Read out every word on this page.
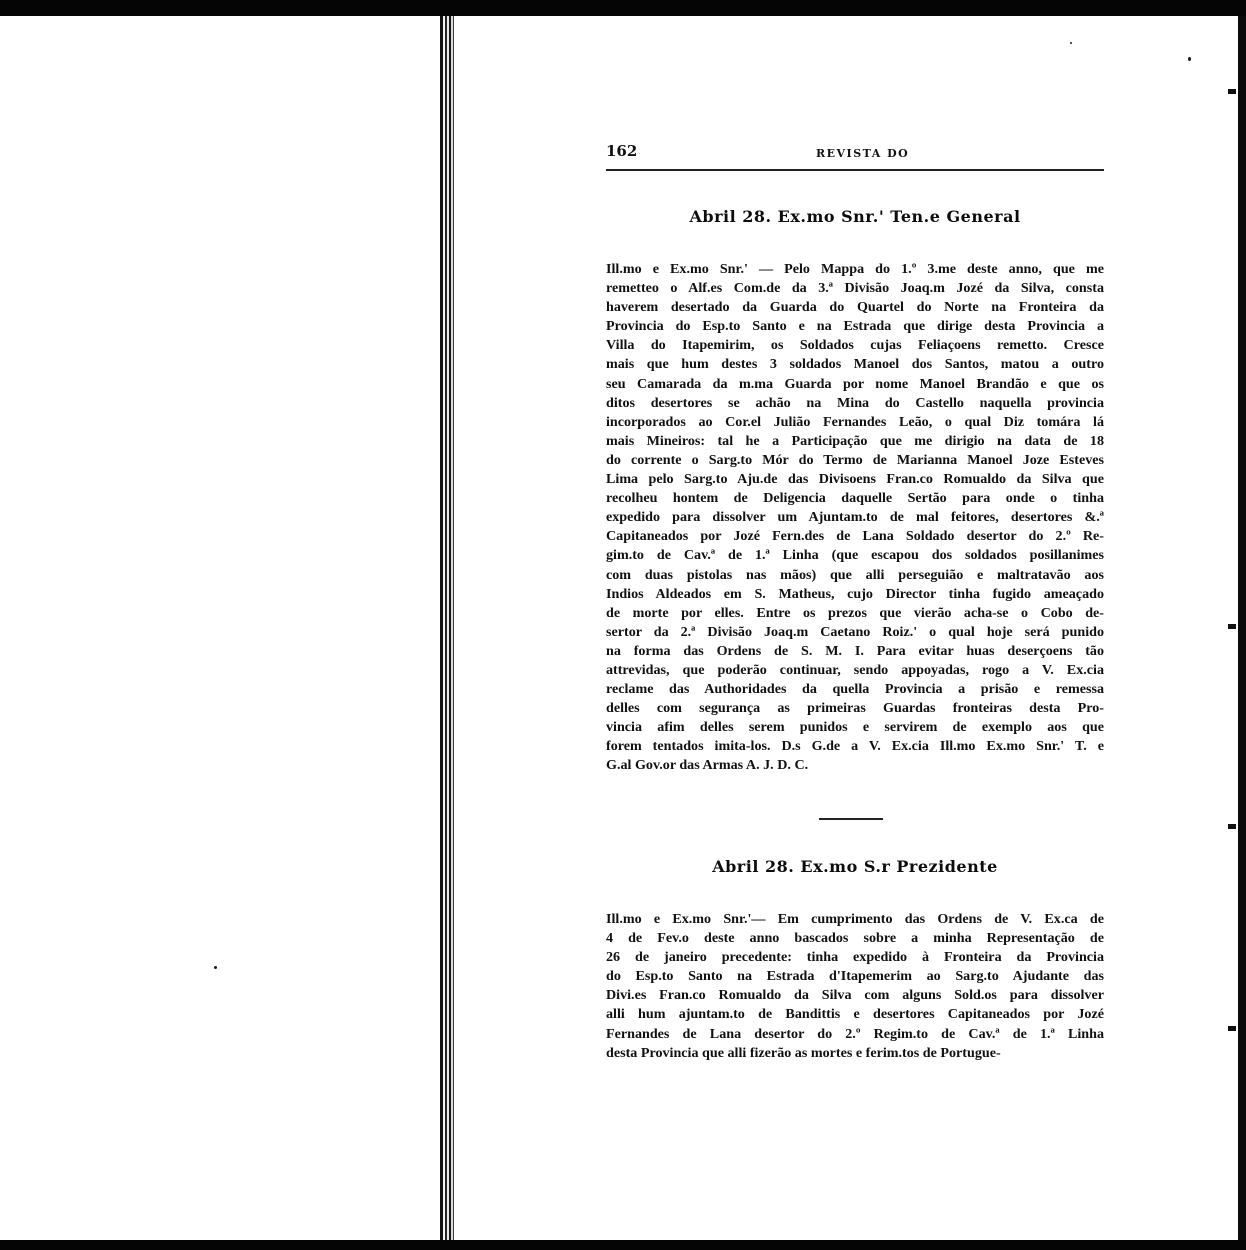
162	REVISTA DO
Abril 28. Ex.mo Snr.' Ten.e General
Ill.mo e Ex.mo Snr.' — Pelo Mappa do 1.º 3.me deste anno, que me
remetteo o Alf.es Com.de da 3.ª Divisão Joaq.m Jozé da Silva, consta
haverem desertado da Guarda do Quartel do Norte na Fronteira da
Provincia do Esp.to Santo e na Estrada que dirige desta Provincia a
Villa do Itapemirim, os Soldados cujas Feliaçoens remetto. Cresce
mais que hum destes 3 soldados Manoel dos Santos, matou a outro
seu Camarada da m.ma Guarda por nome Manoel Brandão e que os
ditos desertores se achão na Mina do Castello naquella provincia
incorporados ao Cor.el Julião Fernandes Leão, o qual Diz tomára lá
mais Mineiros: tal he a Participação que me dirigio na data de 18
do corrente o Sarg.to Mór do Termo de Marianna Manoel Joze Esteves
Lima pelo Sarg.to Aju.de das Divisoens Fran.co Romualdo da Silva que
recolheu hontem de Deligencia daquelle Sertão para onde o tinha
expedido para dissolver um Ajuntam.to de mal feitores, desertores &.ª
Capitaneados por Jozé Fern.des de Lana Soldado desertor do 2.º Re-
gim.to de Cav.ª de 1.ª Linha (que escapou dos soldados posillanimes
com duas pistolas nas mãos) que alli perseguião e maltratavão aos
Indios Aldeados em S. Matheus, cujo Director tinha fugido ameaçado
de morte por elles. Entre os prezos que vierão acha-se o Cobo de-
sertor da 2.ª Divisão Joaq.m Caetano Roiz.' o qual hoje será punido
na forma das Ordens de S. M. I. Para evitar huas deserçoens tão
attrevidas, que poderão continuar, sendo appoyadas, rogo a V. Ex.cia
reclame das Authoridades da quella Provincia a prisão e remessa
delles com segurança as primeiras Guardas fronteiras desta Pro-
vincia afim delles serem punidos e servirem de exemplo aos que
forem tentados imita-los. D.s G.de a V. Ex.cia Ill.mo Ex.mo Snr.' T. e
G.al Gov.or das Armas A. J. D. C.
Abril 28. Ex.mo S.r Prezidente
Ill.mo e Ex.mo Snr.'— Em cumprimento das Ordens de V. Ex.ca de
4 de Fev.o deste anno bascados sobre a minha Representação de
26 de janeiro precedente: tinha expedido à Fronteira da Provincia
do Esp.to Santo na Estrada d'Itapemerim ao Sarg.to Ajudante das
Divi.es Fran.co Romualdo da Silva com alguns Sold.os para dissolver
alli hum ajuntam.to de Bandittis e desertores Capitaneados por Jozé
Fernandes de Lana desertor do 2.º Regim.to de Cav.ª de 1.ª Linha
desta Provincia que alli fizerão as mortes e ferim.tos de Portugue-
